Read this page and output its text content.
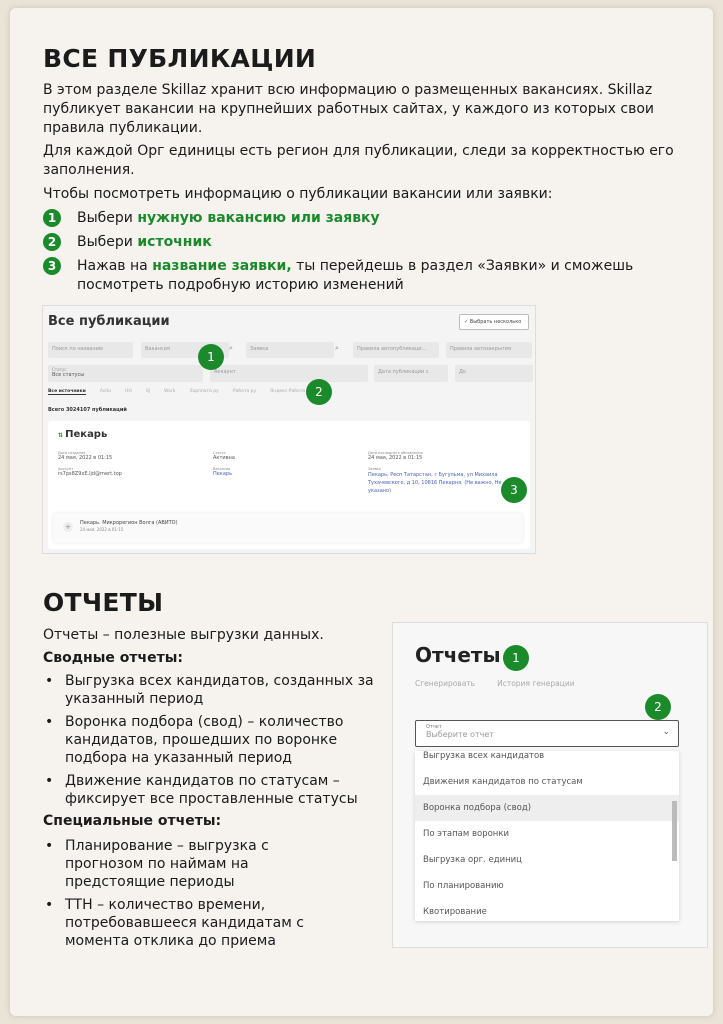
ВСЕ ПУБЛИКАЦИИ
В этом разделе Skillaz хранит всю информацию о размещенных вакансиях. Skillaz публикует вакансии на крупнейших работных сайтах, у каждого из которых свои правила публикации.
Для каждой Орг единицы есть регион для публикации, следи за корректностью его заполнения.
Чтобы посмотреть информацию о публикации вакансии или заявки:
1	Выбери нужную вакансию или заявку
2	Выбери источник
3	Нажав на название заявки, ты перейдешь в раздел «Заявки» и сможешь посмотреть подробную историю изменений
Все публикации	✓ Выбрать несколько
Поиск по названию	Вакансия	⌕	Заявка	⌕	Правила автопубликаци...	Правила автозакрытия
Статус
Все статусы	Аккаунт	Дата публикации с	До
Все источники	Avito	HH	SJ	Work	Зарплата ру	Работа ру	Яндекс Работа
Всего 3024107 публикаций
⇅ Пекарь
Дата создания
24 мая, 2022 в 01:15
Статус
Активна
Дата последнего обновления
24 мая, 2022 в 01:15
Аккаунт
rs7ps8Z9xE.ljd@mert.top
Вакансия
Пекарь
Заявка
Пекарь, Респ Татарстан, г Бугульма, ул Михаила Тухачевского, д 10, 10816 Пекарня, (Не важно, Не указано)
+	Пекарь. Микрорегион Волга (АВИТО)
24 мая, 2022 в 01:15
1
2
3
ОТЧЕТЫ
Отчеты – полезные выгрузки данных.
Сводные отчеты:
• Выгрузка всех кандидатов, созданных за указанный период
• Воронка подбора (свод) – количество кандидатов, прошедших по воронке подбора на указанный период
• Движение кандидатов по статусам – фиксирует все проставленные статусы
Специальные отчеты:
• Планирование – выгрузка с прогнозом по наймам на предстоящие периоды
• ТТН – количество времени, потребовавшееся кандидатам с момента отклика до приема
Отчеты
Сгенерировать	История генерации
Отчет
Выберите отчет	⌄
Выгрузка всех кандидатов
Движения кандидатов по статусам
Воронка подбора (свод)
По этапам воронки
Выгрузка орг. единиц
По планированию
Квотирование
1
2
